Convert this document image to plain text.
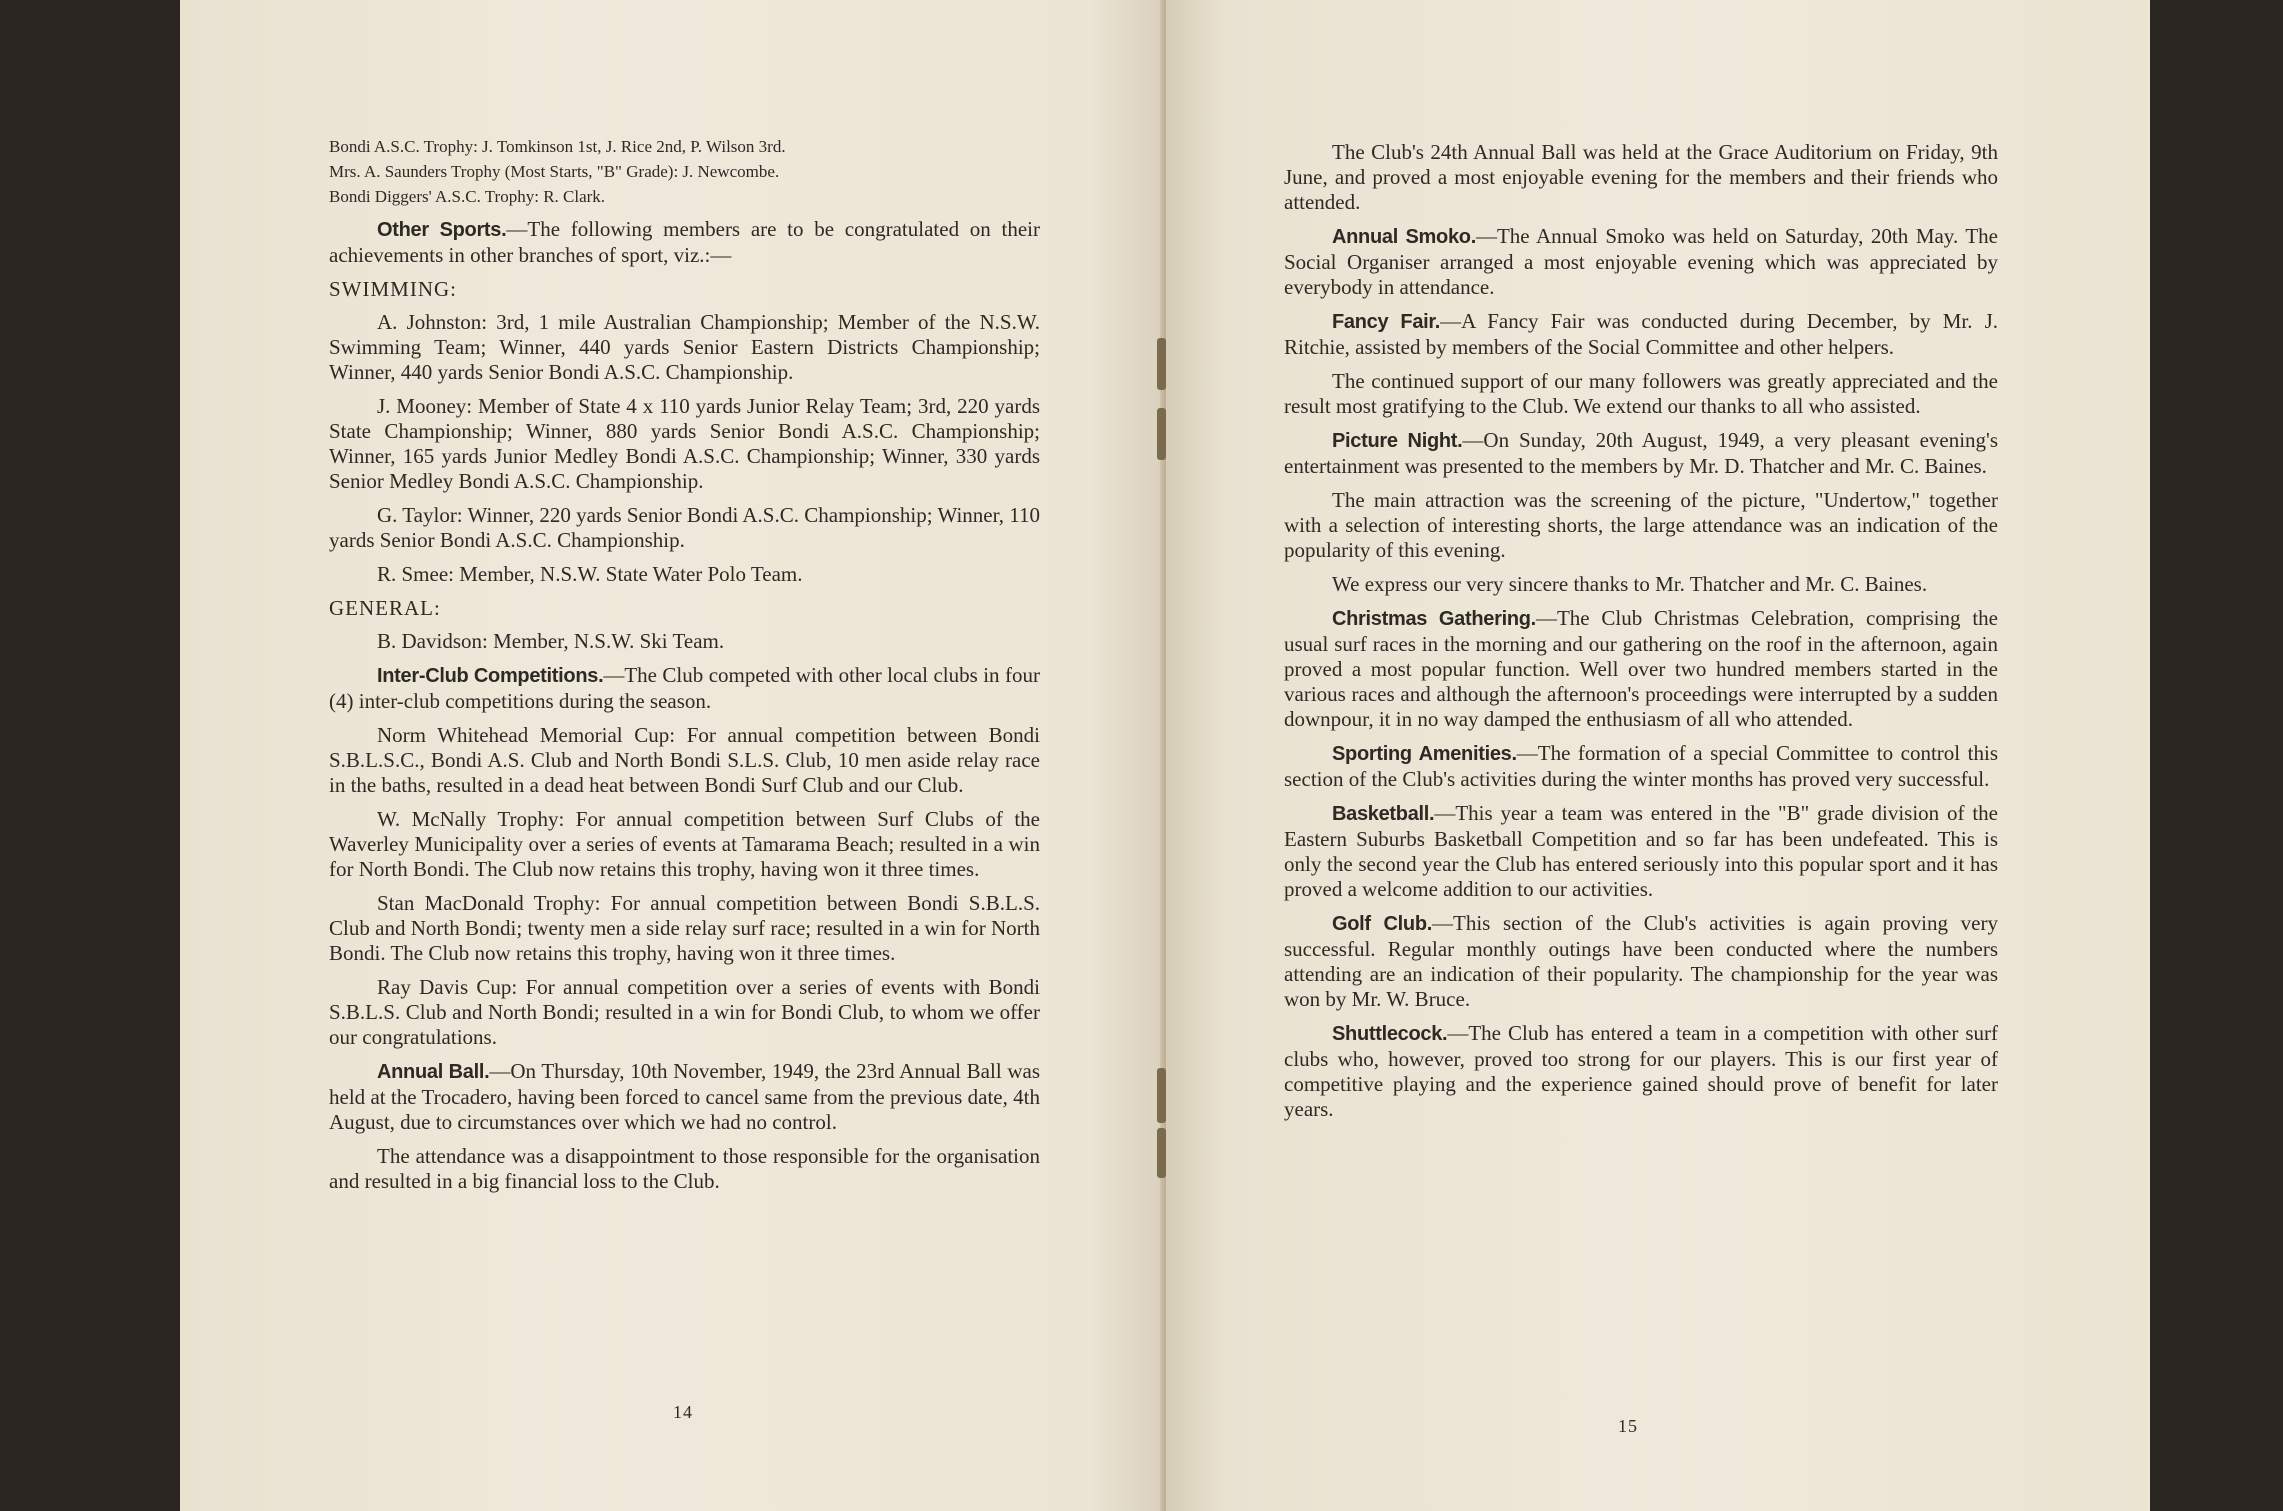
Bondi A.S.C. Trophy: J. Tomkinson 1st, J. Rice 2nd, P. Wilson 3rd.

Mrs. A. Saunders Trophy (Most Starts, "B" Grade): J. Newcombe.

Bondi Diggers' A.S.C. Trophy: R. Clark.

Other Sports.—The following members are to be congratulated on their achievements in other branches of sport, viz.:—

SWIMMING:

A. Johnston: 3rd, 1 mile Australian Championship; Member of the N.S.W. Swimming Team; Winner, 440 yards Senior Eastern Districts Championship; Winner, 440 yards Senior Bondi A.S.C. Championship.

J. Mooney: Member of State 4 x 110 yards Junior Relay Team; 3rd, 220 yards State Championship; Winner, 880 yards Senior Bondi A.S.C. Championship; Winner, 165 yards Junior Medley Bondi A.S.C. Championship; Winner, 330 yards Senior Medley Bondi A.S.C. Championship.

G. Taylor: Winner, 220 yards Senior Bondi A.S.C. Championship; Winner, 110 yards Senior Bondi A.S.C. Championship.

R. Smee: Member, N.S.W. State Water Polo Team.

GENERAL:

B. Davidson: Member, N.S.W. Ski Team.

Inter-Club Competitions.—The Club competed with other local clubs in four (4) inter-club competitions during the season.

Norm Whitehead Memorial Cup: For annual competition between Bondi S.B.L.S.C., Bondi A.S. Club and North Bondi S.L.S. Club, 10 men aside relay race in the baths, resulted in a dead heat between Bondi Surf Club and our Club.

W. McNally Trophy: For annual competition between Surf Clubs of the Waverley Municipality over a series of events at Tamarama Beach; resulted in a win for North Bondi. The Club now retains this trophy, having won it three times.

Stan MacDonald Trophy: For annual competition between Bondi S.B.L.S. Club and North Bondi; twenty men a side relay surf race; resulted in a win for North Bondi. The Club now retains this trophy, having won it three times.

Ray Davis Cup: For annual competition over a series of events with Bondi S.B.L.S. Club and North Bondi; resulted in a win for Bondi Club, to whom we offer our congratulations.

Annual Ball.—On Thursday, 10th November, 1949, the 23rd Annual Ball was held at the Trocadero, having been forced to cancel same from the previous date, 4th August, due to circumstances over which we had no control.

The attendance was a disappointment to those responsible for the organisation and resulted in a big financial loss to the Club.

14

The Club's 24th Annual Ball was held at the Grace Auditorium on Friday, 9th June, and proved a most enjoyable evening for the members and their friends who attended.

Annual Smoko.—The Annual Smoko was held on Saturday, 20th May. The Social Organiser arranged a most enjoyable evening which was appreciated by everybody in attendance.

Fancy Fair.—A Fancy Fair was conducted during December, by Mr. J. Ritchie, assisted by members of the Social Committee and other helpers.

The continued support of our many followers was greatly appreciated and the result most gratifying to the Club. We extend our thanks to all who assisted.

Picture Night.—On Sunday, 20th August, 1949, a very pleasant evening's entertainment was presented to the members by Mr. D. Thatcher and Mr. C. Baines.

The main attraction was the screening of the picture, "Undertow," together with a selection of interesting shorts, the large attendance was an indication of the popularity of this evening.

We express our very sincere thanks to Mr. Thatcher and Mr. C. Baines.

Christmas Gathering.—The Club Christmas Celebration, comprising the usual surf races in the morning and our gathering on the roof in the afternoon, again proved a most popular function. Well over two hundred members started in the various races and although the afternoon's proceedings were interrupted by a sudden downpour, it in no way damped the enthusiasm of all who attended.

Sporting Amenities.—The formation of a special Committee to control this section of the Club's activities during the winter months has proved very successful.

Basketball.—This year a team was entered in the "B" grade division of the Eastern Suburbs Basketball Competition and so far has been undefeated. This is only the second year the Club has entered seriously into this popular sport and it has proved a welcome addition to our activities.

Golf Club.—This section of the Club's activities is again proving very successful. Regular monthly outings have been conducted where the numbers attending are an indication of their popularity. The championship for the year was won by Mr. W. Bruce.

Shuttlecock.—The Club has entered a team in a competition with other surf clubs who, however, proved too strong for our players. This is our first year of competitive playing and the experience gained should prove of benefit for later years.

15
